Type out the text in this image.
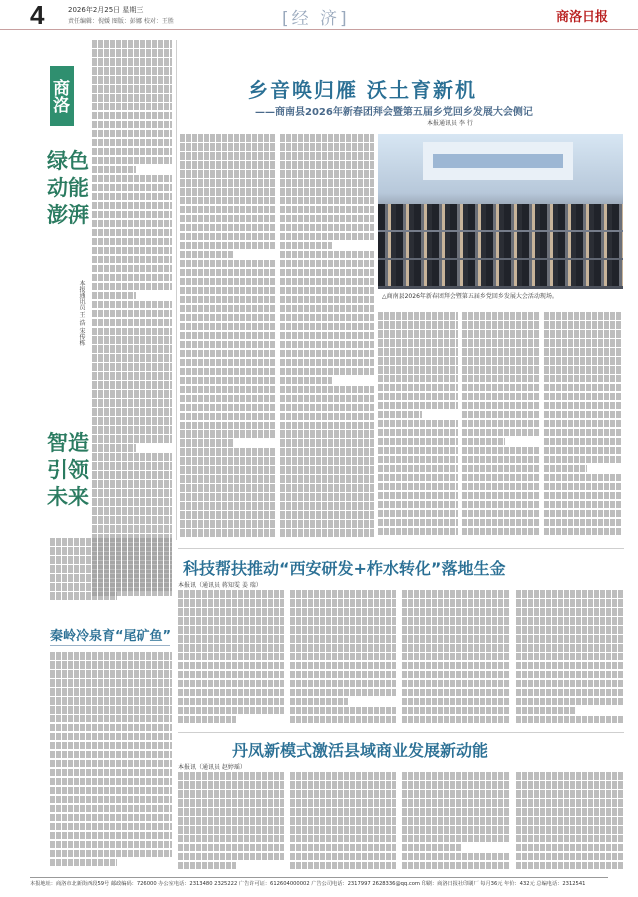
4	2026年2月25日 星期三
责任编辑：倪媛 图版：彭娜 校对：王胜	[经 济]	商洛日报
商洛
绿色动能澎湃
本报通讯员 王 浩 宋传栋
智造引领未来
秦岭冷泉育“尾矿鱼”
乡音唤归雁 沃土育新机
——商南县2026年新春团拜会暨第五届乡党回乡发展大会侧记
本报通讯员 李 行
△商南县2026年新春团拜会暨第五届乡党回乡发展大会活动现场。
科技帮扶推动“西安研发+柞水转化”落地生金
本报讯（通讯员 蒋知雯 姜 瑞）
丹凤新模式激活县域商业发展新动能
本报讯（通讯员 赵婷瑶）
本报地址：商洛市北新街西段59号 邮政编码：726000 办公室电话：2313480 2325222 广告许可证：612604000002 广告公司电话：2317997 2628336@qq.com 印刷：商洛日报社印刷厂 每月36元 年价：432元 总编电话：2312541
